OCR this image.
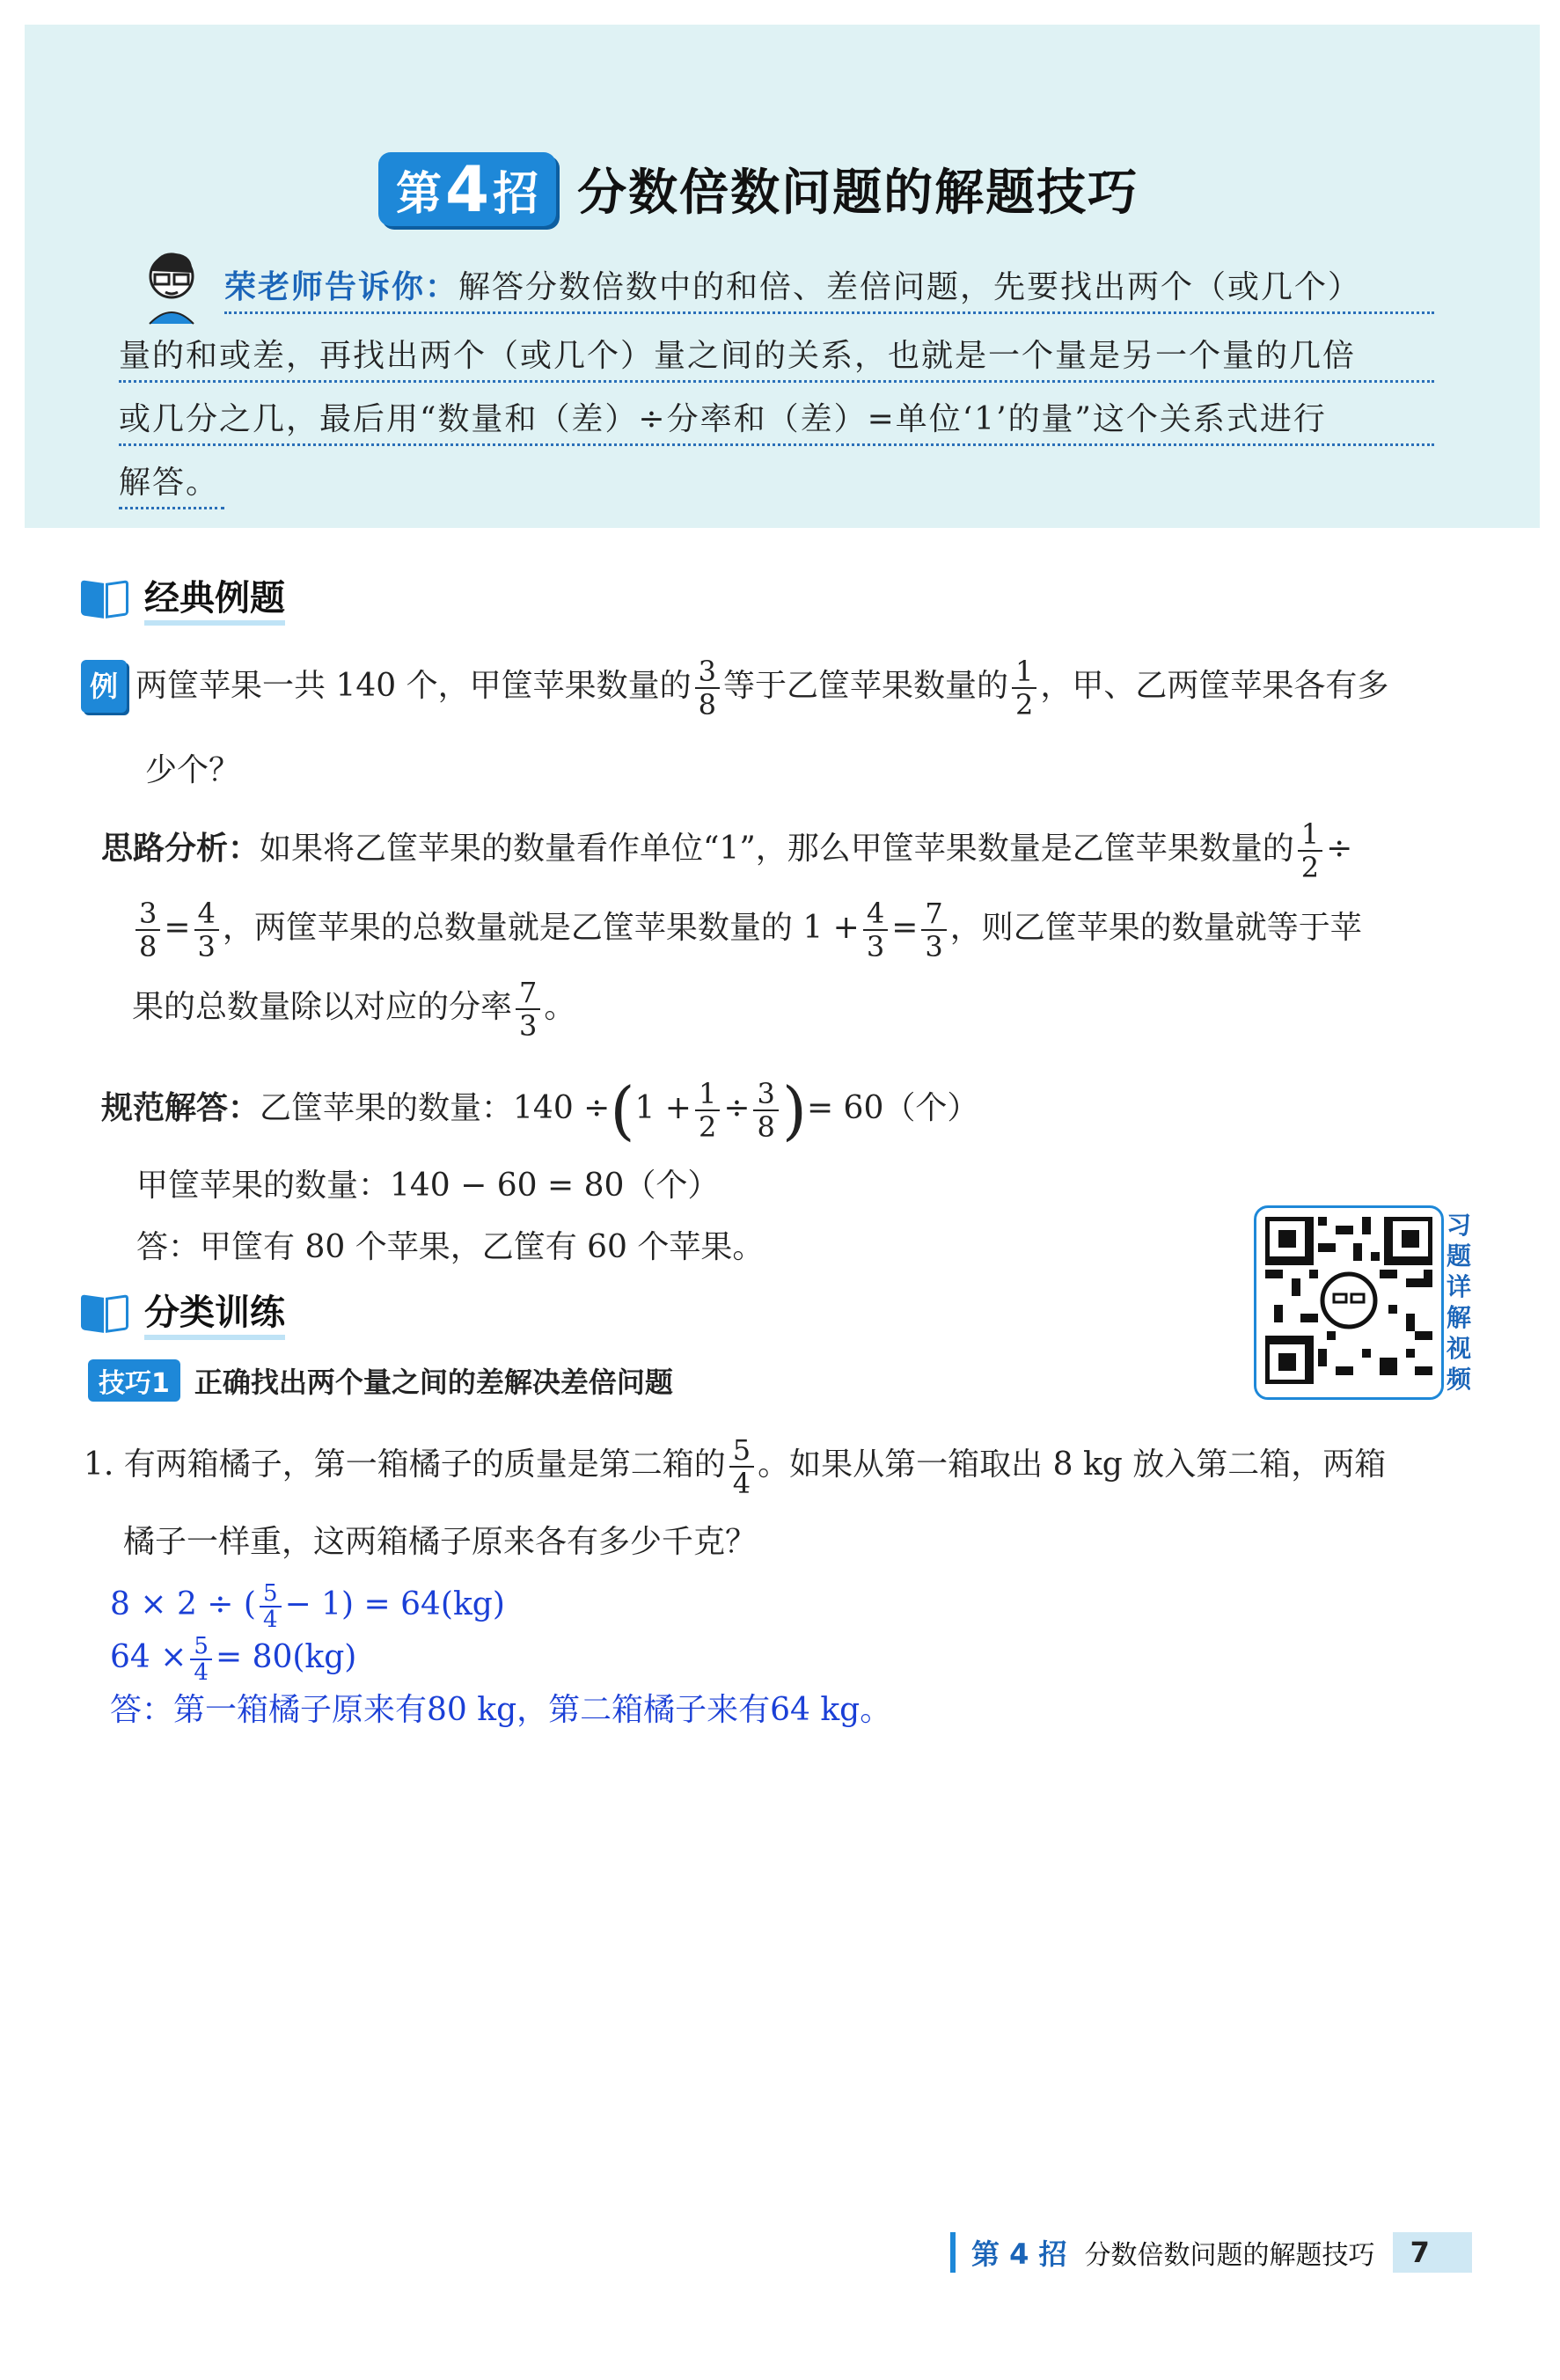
第 4 招 分数倍数问题的解题技巧
荣老师告诉你：解答分数倍数中的和倍、差倍问题，先要找出两个（或几个）
量的和或差，再找出两个（或几个）量之间的关系，也就是一个量是另一个量的几倍
或几分之几，最后用“数量和（差）÷分率和（差）=单位‘1’的量”这个关系式进行
解答。
经典例题
例 两筐苹果一共 140 个，甲筐苹果数量的 $\frac{3}{8}$ 等于乙筐苹果数量的 $\frac{1}{2}$ ，甲、乙两筐苹果各有多
少个？
思路分析：如果将乙筐苹果的数量看作单位“1”，那么甲筐苹果数量是乙筐苹果数量的 $\frac{1}{2}$ ÷
$\frac{3}{8} = \frac{4}{3}$ ，两筐苹果的总数量就是乙筐苹果数量的 $1 + \frac{4}{3} = \frac{7}{3}$ ，则乙筐苹果的数量就等于苹
果的总数量除以对应的分率 $\frac{7}{3}$ 。
规范解答：乙筐苹果的数量：$140 \div(1 + \frac{1}{2} \div \frac{3}{8}$ )= 60（个）
甲筐苹果的数量：140 − 60 = 80（个）
答：甲筐有 80 个苹果，乙筐有 60 个苹果。
习
题
详
解
视
频
分类训练
技巧1 正确找出两个量之间的差解决差倍问题
1. 有两箱橘子，第一箱橘子的质量是第二箱的 $\frac{5}{4}$ 。如果从第一箱取出 8 kg 放入第二箱，两箱
橘子一样重，这两箱橘子原来各有多少千克？
8 × 2 ÷ ( $\frac{5}{4} - 1) = 64(kg)$
$64 \times \frac{5}{4} = 80(kg)$
答：第一箱橘子原来有80 kg，第二箱橘子来有64 kg。
第 4 招 分数倍数问题的解题技巧	7
